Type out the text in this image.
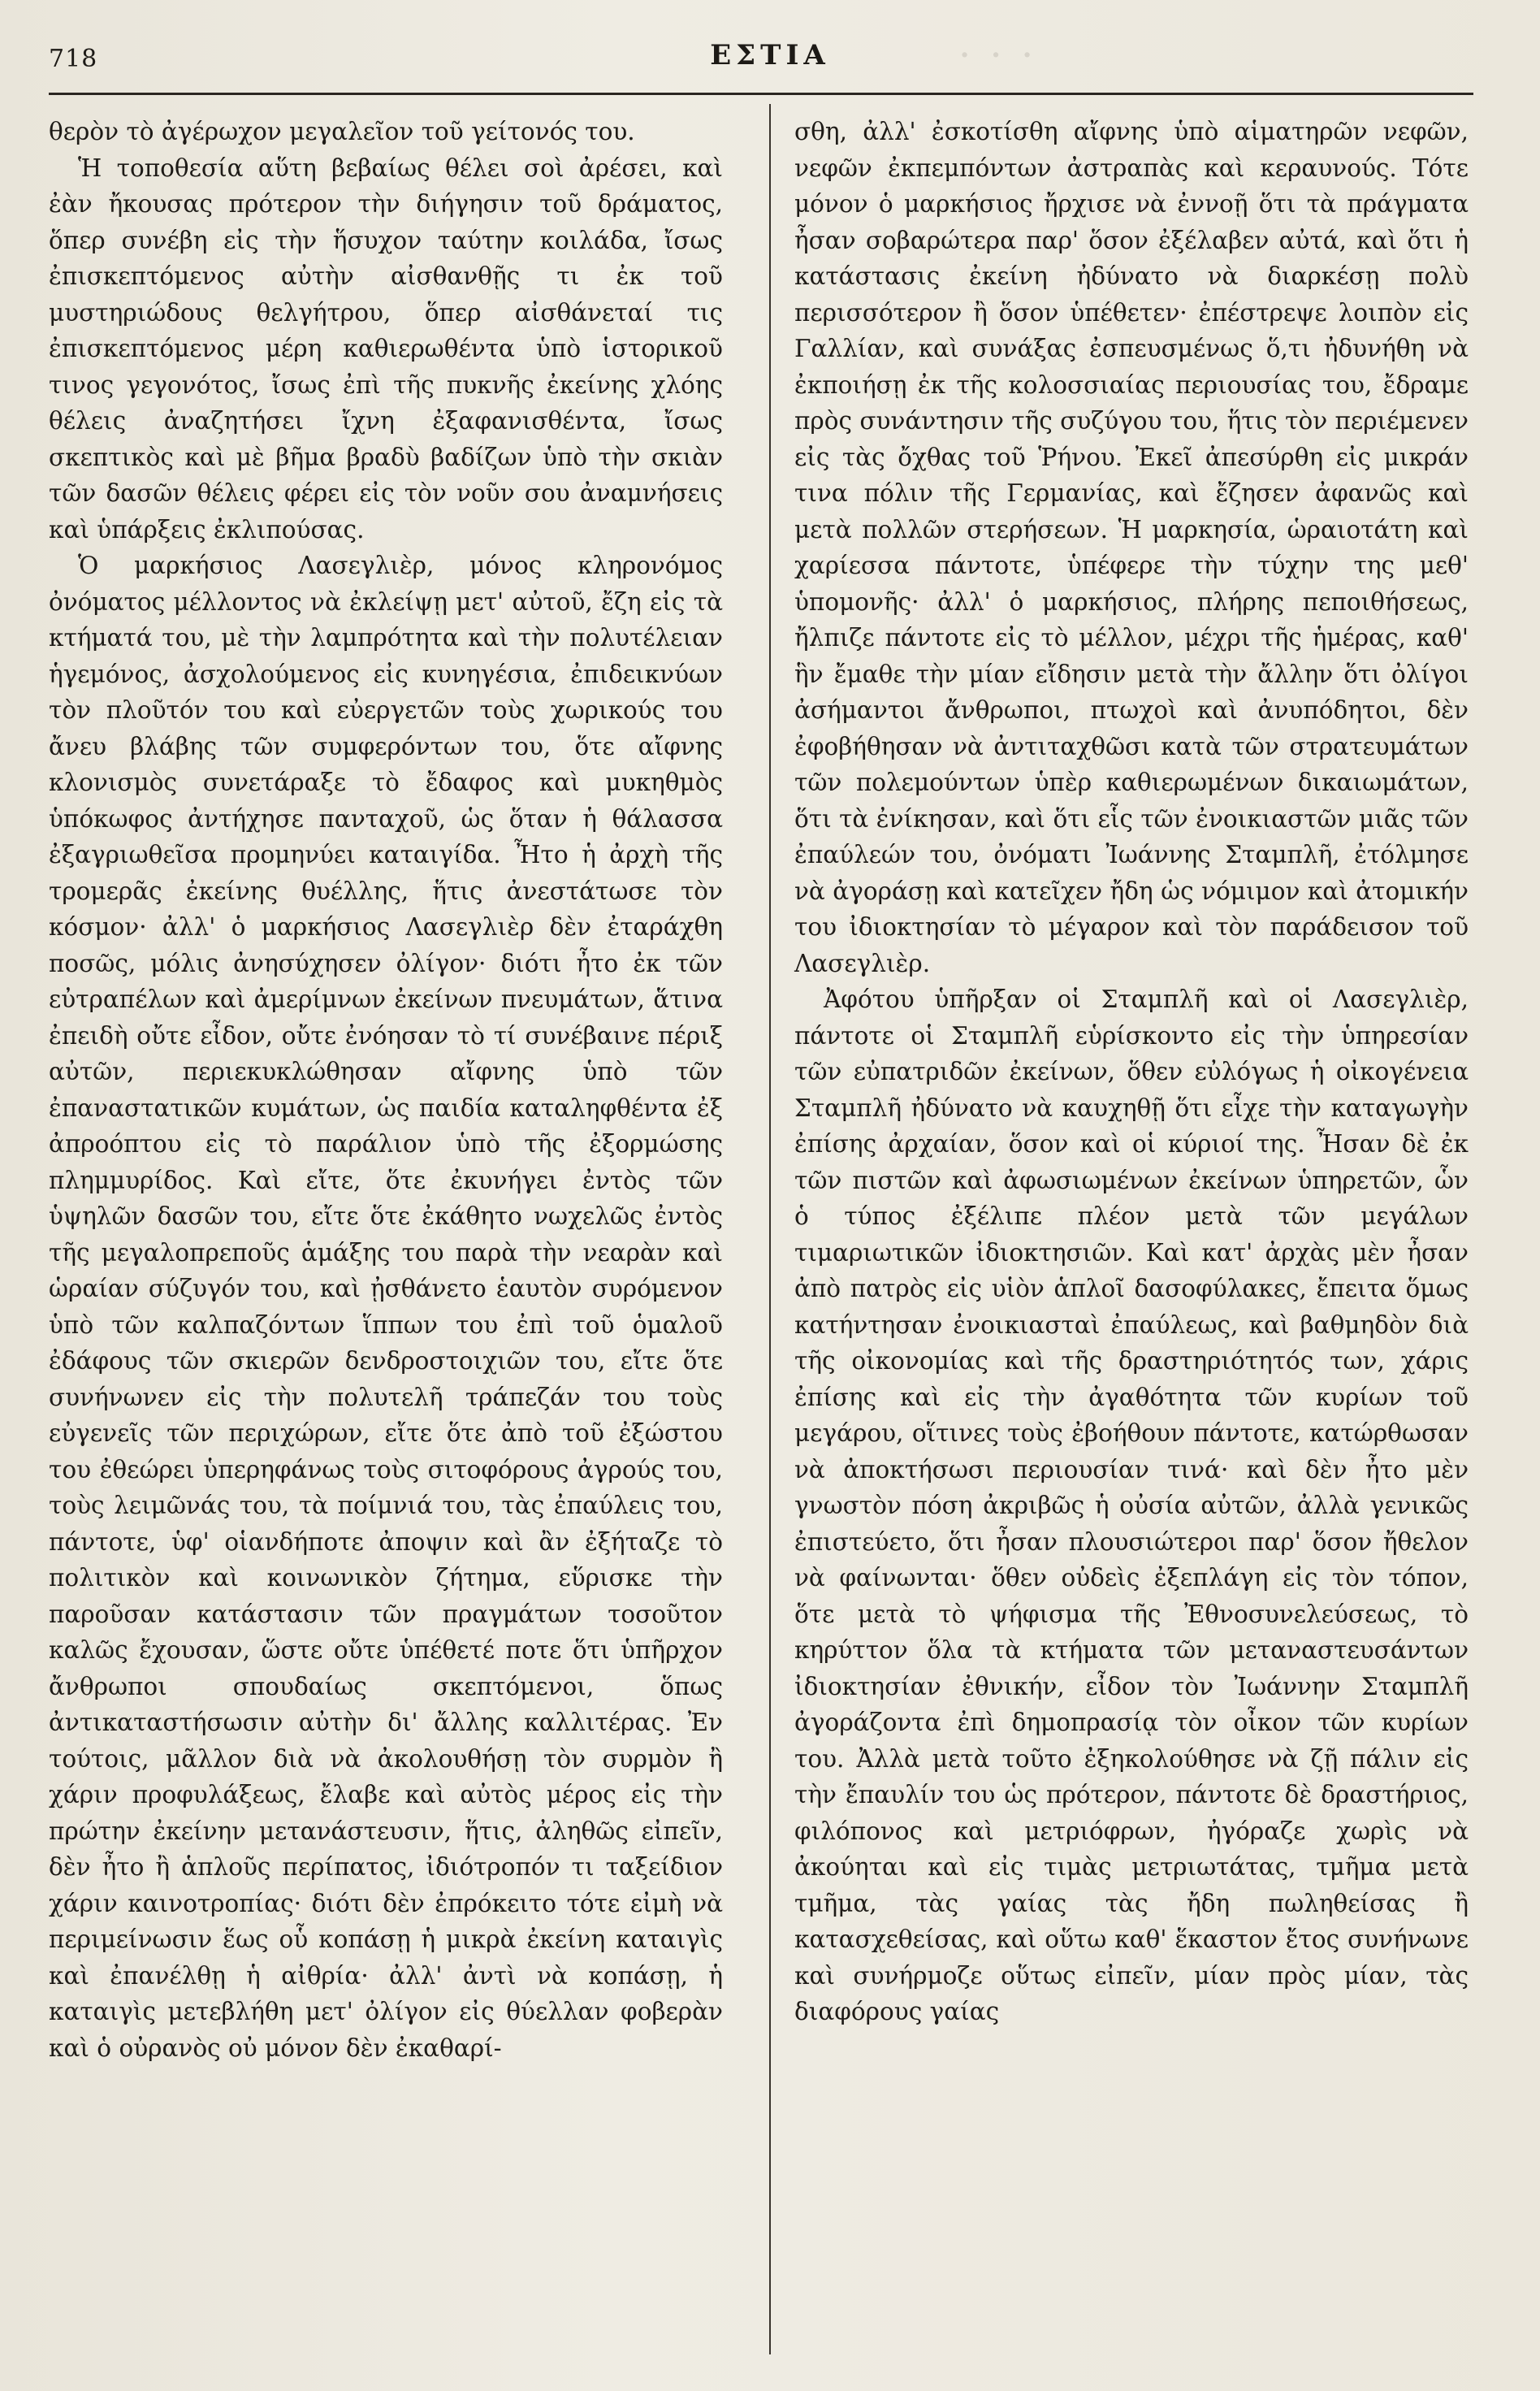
· · ·
718	ΕΣΤΙΑ

θερὸν τὸ ἀγέρωχον μεγαλεῖον τοῦ γείτονός του.

Ἡ τοποθεσία αὕτη βεβαίως θέλει σοὶ ἀρέσει, καὶ ἐὰν ἤκουσας πρότερον τὴν διήγησιν τοῦ δράματος, ὅπερ συνέβη εἰς τὴν ἥσυχον ταύτην κοιλάδα, ἴσως ἐπισκεπτόμενος αὐτὴν αἰσθανθῇς τι ἐκ τοῦ μυστηριώδους θελγήτρου, ὅπερ αἰσθάνεταί τις ἐπισκεπτόμενος μέρη καθιερωθέντα ὑπὸ ἱστορικοῦ τινος γεγονότος, ἴσως ἐπὶ τῆς πυκνῆς ἐκείνης χλόης θέλεις ἀναζητήσει ἴχνη ἐξαφανισθέντα, ἴσως σκεπτικὸς καὶ μὲ βῆμα βραδὺ βαδίζων ὑπὸ τὴν σκιὰν τῶν δασῶν θέλεις φέρει εἰς τὸν νοῦν σου ἀναμνήσεις καὶ ὑπάρξεις ἐκλιπούσας.

Ὁ μαρκήσιος Λασεγλιὲρ, μόνος κληρονόμος ὀνόματος μέλλοντος νὰ ἐκλείψῃ μετ' αὐτοῦ, ἔζη εἰς τὰ κτήματά του, μὲ τὴν λαμπρότητα καὶ τὴν πολυτέλειαν ἡγεμόνος, ἀσχολούμενος εἰς κυνηγέσια, ἐπιδεικνύων τὸν πλοῦτόν του καὶ εὐεργετῶν τοὺς χωρικούς του ἄνευ βλάβης τῶν συμφερόντων του, ὅτε αἴφνης κλονισμὸς συνετάραξε τὸ ἔδαφος καὶ μυκηθμὸς ὑπόκωφος ἀντήχησε πανταχοῦ, ὡς ὅταν ἡ θάλασσα ἐξαγριωθεῖσα προμηνύει καταιγίδα. Ἦτο ἡ ἀρχὴ τῆς τρομερᾶς ἐκείνης θυέλλης, ἥτις ἀνεστάτωσε τὸν κόσμον· ἀλλ' ὁ μαρκήσιος Λασεγλιὲρ δὲν ἐταράχθη ποσῶς, μόλις ἀνησύχησεν ὀλίγον· διότι ἦτο ἐκ τῶν εὐτραπέλων καὶ ἀμερίμνων ἐκείνων πνευμάτων, ἅτινα ἐπειδὴ οὔτε εἶδον, οὔτε ἐνόησαν τὸ τί συνέβαινε πέριξ αὐτῶν, περιεκυκλώθησαν αἴφνης ὑπὸ τῶν ἐπαναστατικῶν κυμάτων, ὡς παιδία καταληφθέντα ἐξ ἀπροόπτου εἰς τὸ παράλιον ὑπὸ τῆς ἐξορμώσης πλημμυρίδος. Καὶ εἴτε, ὅτε ἐκυνήγει ἐντὸς τῶν ὑψηλῶν δασῶν του, εἴτε ὅτε ἐκάθητο νωχελῶς ἐντὸς τῆς μεγαλοπρεποῦς ἁμάξης του παρὰ τὴν νεαρὰν καὶ ὡραίαν σύζυγόν του, καὶ ᾐσθάνετο ἑαυτὸν συρόμενον ὑπὸ τῶν καλπαζόντων ἵππων του ἐπὶ τοῦ ὁμαλοῦ ἐδάφους τῶν σκιερῶν δενδροστοιχιῶν του, εἴτε ὅτε συνήνωνεν εἰς τὴν πολυτελῆ τράπεζάν του τοὺς εὐγενεῖς τῶν περιχώρων, εἴτε ὅτε ἀπὸ τοῦ ἐξώστου του ἐθεώρει ὑπερηφάνως τοὺς σιτοφόρους ἀγρούς του, τοὺς λειμῶνάς του, τὰ ποίμνιά του, τὰς ἐπαύλεις του, πάντοτε, ὑφ' οἱανδήποτε ἀποψιν καὶ ἂν ἐξήταζε τὸ πολιτικὸν καὶ κοινωνικὸν ζήτημα, εὕρισκε τὴν παροῦσαν κατάστασιν τῶν πραγμάτων τοσοῦτον καλῶς ἔχουσαν, ὥστε οὔτε ὑπέθετέ ποτε ὅτι ὑπῆρχον ἄνθρωποι σπουδαίως σκεπτόμενοι, ὅπως ἀντικαταστήσωσιν αὐτὴν δι' ἄλλης καλλιτέρας. Ἐν τούτοις, μᾶλλον διὰ νὰ ἀκολουθήσῃ τὸν συρμὸν ἢ χάριν προφυλάξεως, ἔλαβε καὶ αὐτὸς μέρος εἰς τὴν πρώτην ἐκείνην μετανάστευσιν, ἥτις, ἀληθῶς εἰπεῖν, δὲν ἦτο ἢ ἁπλοῦς περίπατος, ἰδιότροπόν τι ταξείδιον χάριν καινοτροπίας· διότι δὲν ἐπρόκειτο τότε εἰμὴ νὰ περιμείνωσιν ἕως οὗ κοπάσῃ ἡ μικρὰ ἐκείνη καταιγὶς καὶ ἐπανέλθῃ ἡ αἰθρία· ἀλλ' ἀντὶ νὰ κοπάσῃ, ἡ καταιγὶς μετεβλήθη μετ' ὀλίγον εἰς θύελλαν φοβερὰν καὶ ὁ οὐρανὸς οὐ μόνον δὲν ἐκαθαρί-

σθη, ἀλλ' ἐσκοτίσθη αἴφνης ὑπὸ αἱματηρῶν νεφῶν, νεφῶν ἐκπεμπόντων ἀστραπὰς καὶ κεραυνούς. Τότε μόνον ὁ μαρκήσιος ἤρχισε νὰ ἐννοῇ ὅτι τὰ πράγματα ἦσαν σοβαρώτερα παρ' ὅσον ἐξέλαβεν αὐτά, καὶ ὅτι ἡ κατάστασις ἐκείνη ἠδύνατο νὰ διαρκέσῃ πολὺ περισσότερον ἢ ὅσον ὑπέθετεν· ἐπέστρεψε λοιπὸν εἰς Γαλλίαν, καὶ συνάξας ἐσπευσμένως ὅ,τι ἠδυνήθη νὰ ἐκποιήσῃ ἐκ τῆς κολοσσιαίας περιουσίας του, ἔδραμε πρὸς συνάντησιν τῆς συζύγου του, ἥτις τὸν περιέμενεν εἰς τὰς ὄχθας τοῦ Ῥήνου. Ἐκεῖ ἀπεσύρθη εἰς μικράν τινα πόλιν τῆς Γερμανίας, καὶ ἔζησεν ἀφανῶς καὶ μετὰ πολλῶν στερήσεων. Ἡ μαρκησία, ὡραιοτάτη καὶ χαρίεσσα πάντοτε, ὑπέφερε τὴν τύχην της μεθ' ὑπομονῆς· ἀλλ' ὁ μαρκήσιος, πλήρης πεποιθήσεως, ἤλπιζε πάντοτε εἰς τὸ μέλλον, μέχρι τῆς ἡμέρας, καθ' ἣν ἔμαθε τὴν μίαν εἴδησιν μετὰ τὴν ἄλλην ὅτι ὀλίγοι ἀσήμαντοι ἄνθρωποι, πτωχοὶ καὶ ἀνυπόδητοι, δὲν ἐφοβήθησαν νὰ ἀντιταχθῶσι κατὰ τῶν στρατευμάτων τῶν πολεμούντων ὑπὲρ καθιερωμένων δικαιωμάτων, ὅτι τὰ ἐνίκησαν, καὶ ὅτι εἷς τῶν ἐνοικιαστῶν μιᾶς τῶν ἐπαύλεών του, ὀνόματι Ἰωάννης Σταμπλῆ, ἐτόλμησε νὰ ἀγοράσῃ καὶ κατεῖχεν ἤδη ὡς νόμιμον καὶ ἀτομικήν του ἰδιοκτησίαν τὸ μέγαρον καὶ τὸν παράδεισον τοῦ Λασεγλιὲρ.

Ἀφότου ὑπῆρξαν οἱ Σταμπλῆ καὶ οἱ Λασεγλιὲρ, πάντοτε οἱ Σταμπλῆ εὑρίσκοντο εἰς τὴν ὑπηρεσίαν τῶν εὐπατριδῶν ἐκείνων, ὅθεν εὐλόγως ἡ οἰκογένεια Σταμπλῆ ἠδύνατο νὰ καυχηθῇ ὅτι εἶχε τὴν καταγωγὴν ἐπίσης ἀρχαίαν, ὅσον καὶ οἱ κύριοί της. Ἦσαν δὲ ἐκ τῶν πιστῶν καὶ ἀφωσιωμένων ἐκείνων ὑπηρετῶν, ὧν ὁ τύπος ἐξέλιπε πλέον μετὰ τῶν μεγάλων τιμαριωτικῶν ἰδιοκτησιῶν. Καὶ κατ' ἀρχὰς μὲν ἦσαν ἀπὸ πατρὸς εἰς υἱὸν ἁπλοῖ δασοφύλακες, ἔπειτα ὅμως κατήντησαν ἐνοικιασταὶ ἐπαύλεως, καὶ βαθμηδὸν διὰ τῆς οἰκονομίας καὶ τῆς δραστηριότητός των, χάρις ἐπίσης καὶ εἰς τὴν ἀγαθότητα τῶν κυρίων τοῦ μεγάρου, οἵτινες τοὺς ἐβοήθουν πάντοτε, κατώρθωσαν νὰ ἀποκτήσωσι περιουσίαν τινά· καὶ δὲν ἦτο μὲν γνωστὸν πόση ἀκριβῶς ἡ οὐσία αὐτῶν, ἀλλὰ γενικῶς ἐπιστεύετο, ὅτι ἦσαν πλουσιώτεροι παρ' ὅσον ἤθελον νὰ φαίνωνται· ὅθεν οὐδεὶς ἐξεπλάγη εἰς τὸν τόπον, ὅτε μετὰ τὸ ψήφισμα τῆς Ἐθνοσυνελεύσεως, τὸ κηρύττον ὅλα τὰ κτήματα τῶν μεταναστευσάντων ἰδιοκτησίαν ἐθνικήν, εἶδον τὸν Ἰωάννην Σταμπλῆ ἀγοράζοντα ἐπὶ δημοπρασίᾳ τὸν οἶκον τῶν κυρίων του. Ἀλλὰ μετὰ τοῦτο ἐξηκολούθησε νὰ ζῇ πάλιν εἰς τὴν ἔπαυλίν του ὡς πρότερον, πάντοτε δὲ δραστήριος, φιλόπονος καὶ μετριόφρων, ἠγόραζε χωρὶς νὰ ἀκούηται καὶ εἰς τιμὰς μετριωτάτας, τμῆμα μετὰ τμῆμα, τὰς γαίας τὰς ἤδη πωληθείσας ἢ κατασχεθείσας, καὶ οὕτω καθ' ἕκαστον ἔτος συνήνωνε καὶ συνήρμοζε οὕτως εἰπεῖν, μίαν πρὸς μίαν, τὰς διαφόρους γαίας
